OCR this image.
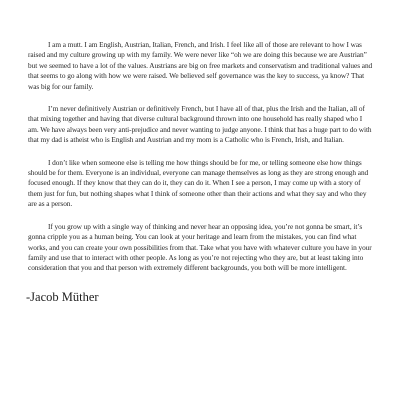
I am a mutt. I am English, Austrian, Italian, French, and Irish. I feel like all of those are relevant to how I was raised and my culture growing up with my family. We were never like “oh we are doing this because we are Austrian” but we seemed to have a lot of the values. Austrians are big on free markets and conservatism and traditional values and that seems to go along with how we were raised. We believed self governance was the key to success, ya know? That was big for our family.

I’m never definitively Austrian or definitively French, but I have all of that, plus the Irish and the Italian, all of that mixing together and having that diverse cultural background thrown into one household has really shaped who I am. We have always been very anti-prejudice and never wanting to judge anyone. I think that has a huge part to do with that my dad is atheist who is English and Austrian and my mom is a Catholic who is French, Irish, and Italian.

I don’t like when someone else is telling me how things should be for me, or telling someone else how things should be for them. Everyone is an individual, everyone can manage themselves as long as they are strong enough and focused enough. If they know that they can do it, they can do it. When I see a person, I may come up with a story of them just for fun, but nothing shapes what I think of someone other than their actions and what they say and who they are as a person.

If you grow up with a single way of thinking and never hear an opposing idea, you’re not gonna be smart, it’s gonna cripple you as a human being. You can look at your heritage and learn from the mistakes, you can find what works, and you can create your own possibilities from that. Take what you have with whatever culture you have in your family and use that to interact with other people. As long as you’re not rejecting who they are, but at least taking into consideration that you and that person with extremely different backgrounds, you both will be more intelligent.

-Jacob Müther
